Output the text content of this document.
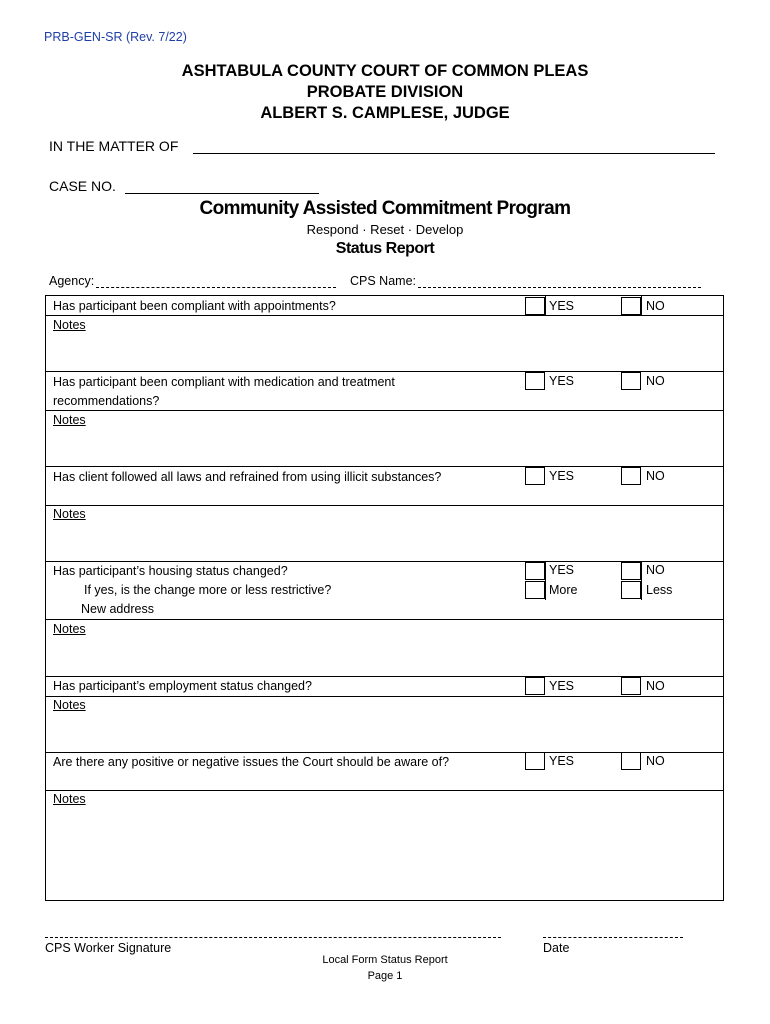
PRB-GEN-SR (Rev. 7/22)
ASHTABULA COUNTY COURT OF COMMON PLEAS
PROBATE DIVISION
ALBERT S. CAMPLESE, JUDGE
IN THE MATTER OF
CASE NO.
Community Assisted Commitment Program
Respond · Reset · Develop
Status Report
Agency:	CPS Name:
Has participant been compliant with appointments?	YES	NO
Notes
Has participant been compliant with medication and treatment
recommendations?
YES	NO
Notes
Has client followed all laws and refrained from using illicit substances?	YES	NO
Notes
Has participant’s housing status changed?
If yes, is the change more or less restrictive?
New address
YES	NO
More	Less
Notes
Has participant’s employment status changed?	YES	NO
Notes
Are there any positive or negative issues the Court should be aware of?	YES	NO
Notes
CPS Worker Signature	Date
Local Form Status Report
Page 1
